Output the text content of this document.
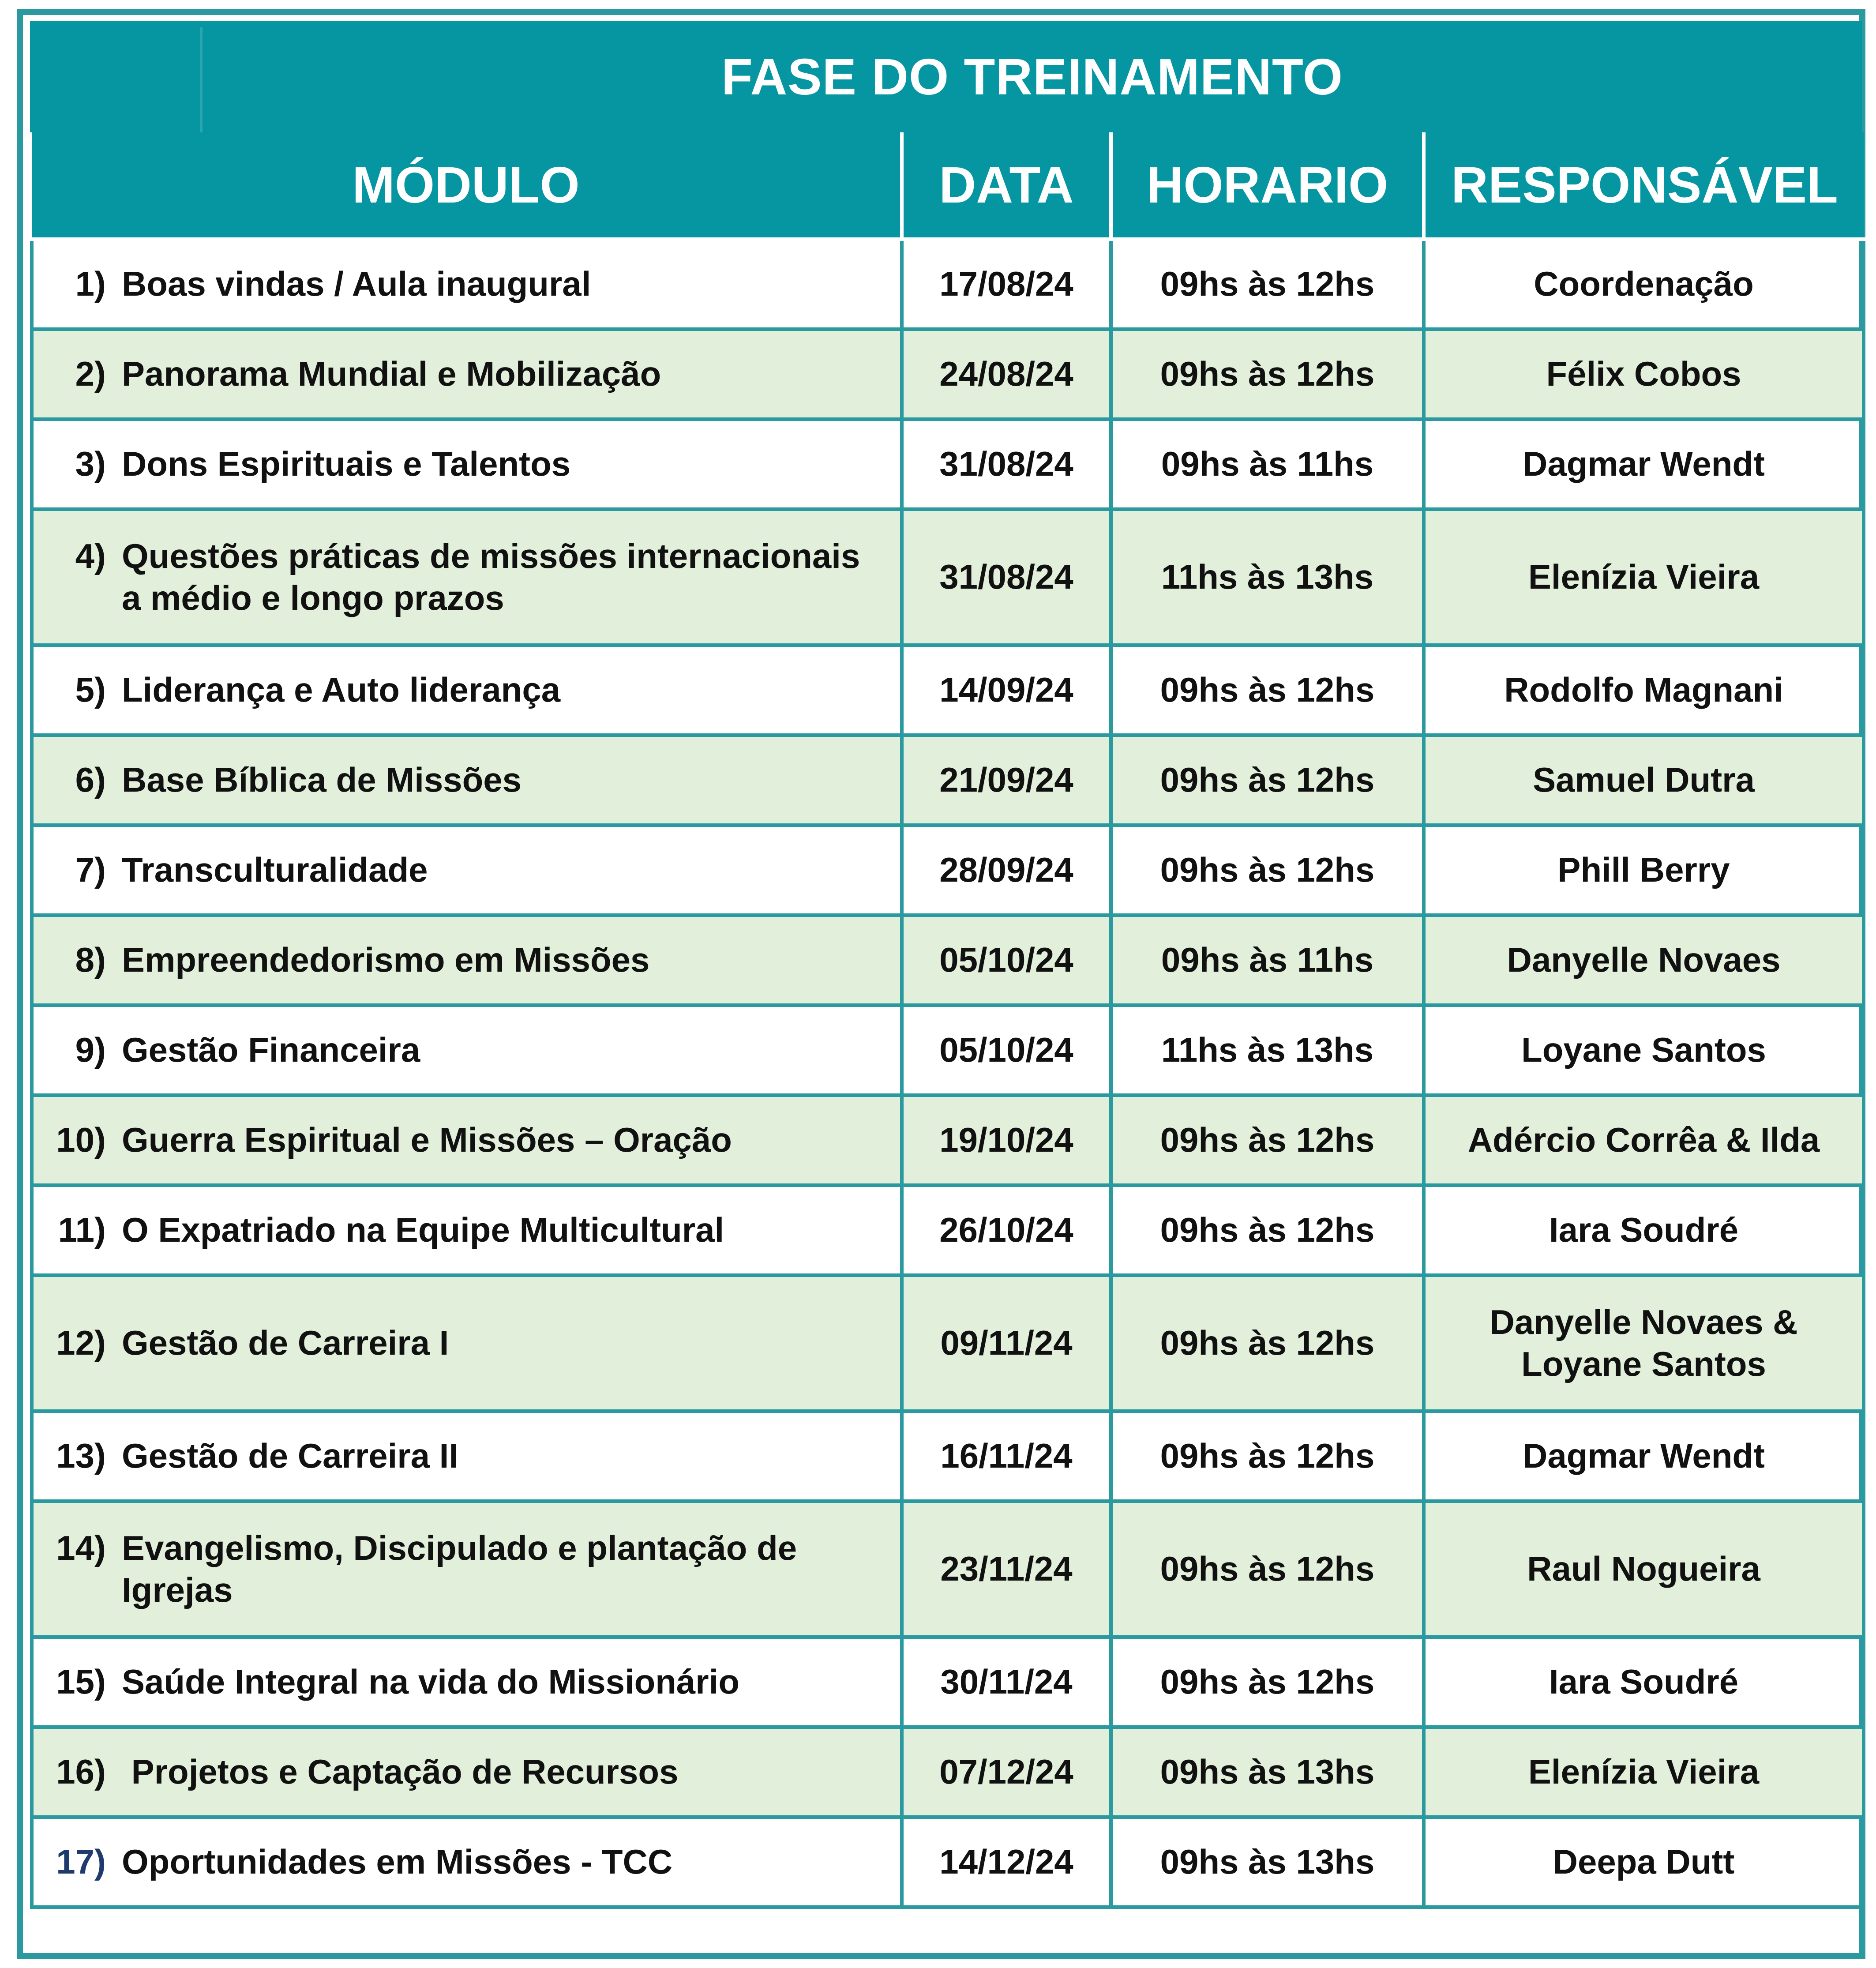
FASE DO TREINAMENTO
MÓDULO	DATA	HORARIO	RESPONSÁVEL

1) Boas vindas / Aula inaugural	17/08/24	09hs às 12hs	Coordenação

2) Panorama Mundial e Mobilização	24/08/24	09hs às 12hs	Félix Cobos

3) Dons Espirituais e Talentos	31/08/24	09hs às 11hs	Dagmar Wendt

4) Questões práticas de missões internacionais a médio e longo prazos	31/08/24	11hs às 13hs	Elenízia Vieira

5) Liderança e Auto liderança	14/09/24	09hs às 12hs	Rodolfo Magnani

6) Base Bíblica de Missões	21/09/24	09hs às 12hs	Samuel Dutra

7) Transculturalidade	28/09/24	09hs às 12hs	Phill Berry

8) Empreendedorismo em Missões	05/10/24	09hs às 11hs	Danyelle Novaes

9) Gestão Financeira	05/10/24	11hs às 13hs	Loyane Santos

10) Guerra Espiritual e Missões – Oração	19/10/24	09hs às 12hs	Adércio Corrêa & Ilda

11) O Expatriado na Equipe Multicultural	26/10/24	09hs às 12hs	Iara Soudré

12) Gestão de Carreira I	09/11/24	09hs às 12hs	Danyelle Novaes & Loyane Santos

13) Gestão de Carreira II	16/11/24	09hs às 12hs	Dagmar Wendt

14) Evangelismo, Discipulado e plantação de Igrejas	23/11/24	09hs às 12hs	Raul Nogueira

15) Saúde Integral na vida do Missionário	30/11/24	09hs às 12hs	Iara Soudré

16) Projetos e Captação de Recursos	07/12/24	09hs às 13hs	Elenízia Vieira

17) Oportunidades em Missões - TCC	14/12/24	09hs às 13hs	Deepa Dutt
